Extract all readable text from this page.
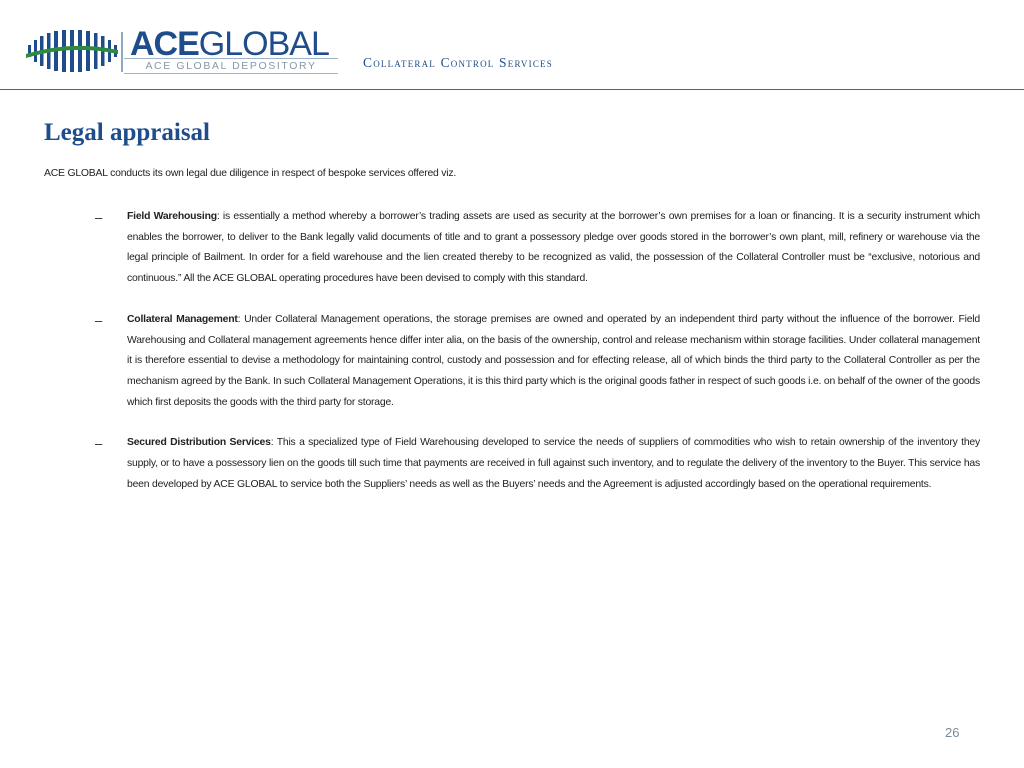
ACEGLOBAL
ACE GLOBAL DEPOSITORY	Collateral Control Services
Legal appraisal

ACE GLOBAL conducts its own legal due diligence in respect of bespoke services offered viz.

– Field Warehousing: is essentially a method whereby a borrower’s trading assets are used as security at the borrower’s own premises for a loan or financing. It is a security instrument which enables the borrower, to deliver to the Bank legally valid documents of title and to grant a possessory pledge over goods stored in the borrower’s own plant, mill, refinery or warehouse via the legal principle of Bailment. In order for a field warehouse and the lien created thereby to be recognized as valid, the possession of the Collateral Controller must be “exclusive, notorious and continuous.” All the ACE GLOBAL operating procedures have been devised to comply with this standard.

– Collateral Management: Under Collateral Management operations, the storage premises are owned and operated by an independent third party without the influence of the borrower. Field Warehousing and Collateral management agreements hence differ inter alia, on the basis of the ownership, control and release mechanism within storage facilities. Under collateral management it is therefore essential to devise a methodology for maintaining control, custody and possession and for effecting release, all of which binds the third party to the Collateral Controller as per the mechanism agreed by the Bank. In such Collateral Management Operations, it is this third party which is the original goods father in respect of such goods i.e. on behalf of the owner of the goods which first deposits the goods with the third party for storage.

– Secured Distribution Services: This a specialized type of Field Warehousing developed to service the needs of suppliers of commodities who wish to retain ownership of the inventory they supply, or to have a possessory lien on the goods till such time that payments are received in full against such inventory, and to regulate the delivery of the inventory to the Buyer. This service has been developed by ACE GLOBAL to service both the Suppliers’ needs as well as the Buyers’ needs and the Agreement is adjusted accordingly based on the operational requirements.

26
